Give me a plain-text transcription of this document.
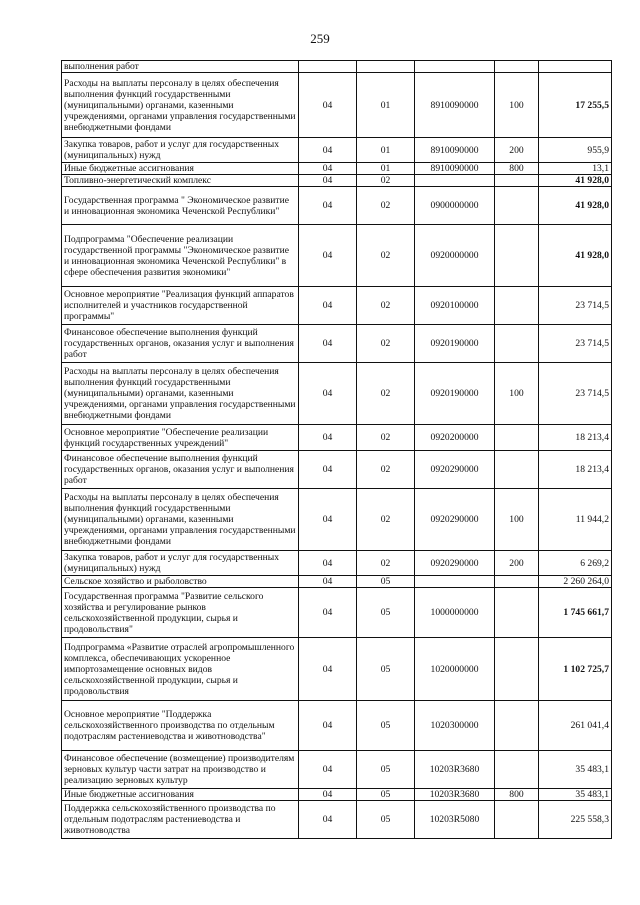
259
выполнения работ					
Расходы на выплаты персоналу в целях обеспечения выполнения функций государственными (муниципальными) органами, казенными учреждениями, органами управления государственными внебюджетными фондами	04	01	8910090000	100	17 255,5
Закупка товаров, работ и услуг для государственных (муниципальных) нужд	04	01	8910090000	200	955,9
Иные бюджетные ассигнования	04	01	8910090000	800	13,1
Топливно-энергетический комплекс	04	02			41 928,0
Государственная программа " Экономическое развитие и инновационная экономика Чеченской Республики"	04	02	0900000000		41 928,0
Подпрограмма "Обеспечение реализации государственной программы "Экономическое развитие и инновационная экономика Чеченской Республики" в сфере обеспечения развития экономики"	04	02	0920000000		41 928,0
Основное мероприятие "Реализация функций аппаратов исполнителей и участников государственной программы"	04	02	0920100000		23 714,5
Финансовое обеспечение выполнения функций государственных органов, оказания услуг и выполнения работ	04	02	0920190000		23 714,5
Расходы на выплаты персоналу в целях обеспечения выполнения функций государственными (муниципальными) органами, казенными учреждениями, органами управления государственными внебюджетными фондами	04	02	0920190000	100	23 714,5
Основное мероприятие "Обеспечение реализации функций государственных учреждений"	04	02	0920200000		18 213,4
Финансовое обеспечение выполнения функций государственных органов, оказания услуг и выполнения работ	04	02	0920290000		18 213,4
Расходы на выплаты персоналу в целях обеспечения выполнения функций государственными (муниципальными) органами, казенными учреждениями, органами управления государственными внебюджетными фондами	04	02	0920290000	100	11 944,2
Закупка товаров, работ и услуг для государственных (муниципальных) нужд	04	02	0920290000	200	6 269,2
Сельское хозяйство и рыболовство	04	05			2 260 264,0
Государственная программа "Развитие сельского хозяйства и регулирование рынков сельскохозяйственной продукции, сырья и продовольствия"	04	05	1000000000		1 745 661,7
Подпрограмма «Развитие отраслей агропромышленного комплекса, обеспечивающих ускоренное импортозамещение основных видов сельскохозяйственной продукции, сырья и продовольствия	04	05	1020000000		1 102 725,7
Основное мероприятие "Поддержка сельскохозяйственного производства по отдельным подотраслям растениеводства и животноводства"	04	05	1020300000		261 041,4
Финансовое обеспечение (возмещение) производителям зерновых культур части затрат на производство и реализацию зерновых культур	04	05	10203R3680		35 483,1
Иные бюджетные ассигнования	04	05	10203R3680	800	35 483,1
Поддержка сельскохозяйственного производства по отдельным подотраслям растениеводства и животноводства	04	05	10203R5080		225 558,3
